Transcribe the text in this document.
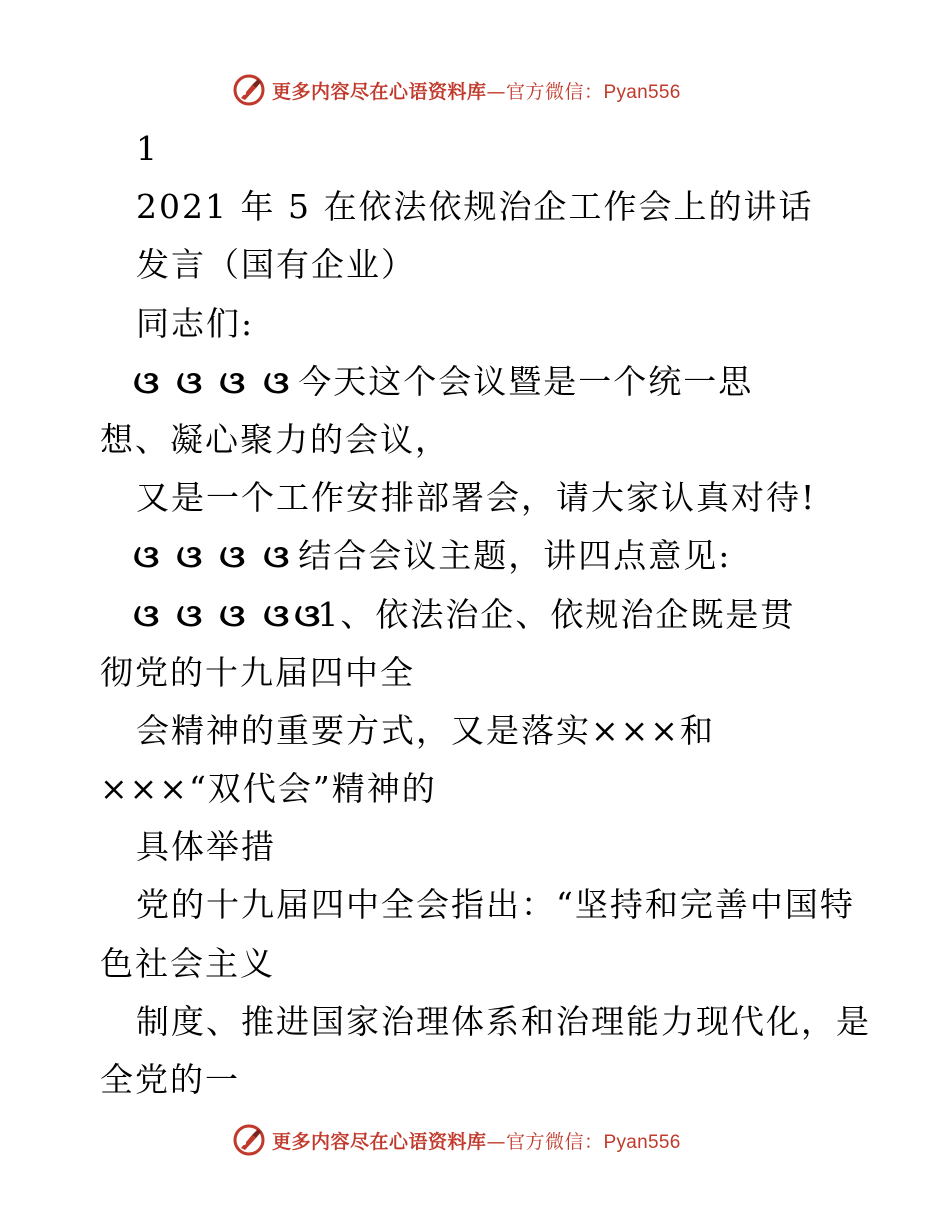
更多内容尽在心语资料库—官方微信：Pyan556
1
2021 年 5 在依法依规治企工作会上的讲话
发言（国有企业）
同志们:
ଓ ଓ ଓ ଓ 今天这个会议暨是一个统一思
想、凝心聚力的会议，
又是一个工作安排部署会，请大家认真对待!
ଓ ଓ ଓ ଓ 结合会议主题，讲四点意见:
ଓ ଓ ଓ ଓ ଓ1、依法治企、依规治企既是贯
彻党的十九届四中全
会精神的重要方式，又是落实×××和
×××“双代会”精神的
具体举措
党的十九届四中全会指出：“坚持和完善中国特
色社会主义
制度、推进国家治理体系和治理能力现代化，是
全党的一
更多内容尽在心语资料库—官方微信：Pyan556
